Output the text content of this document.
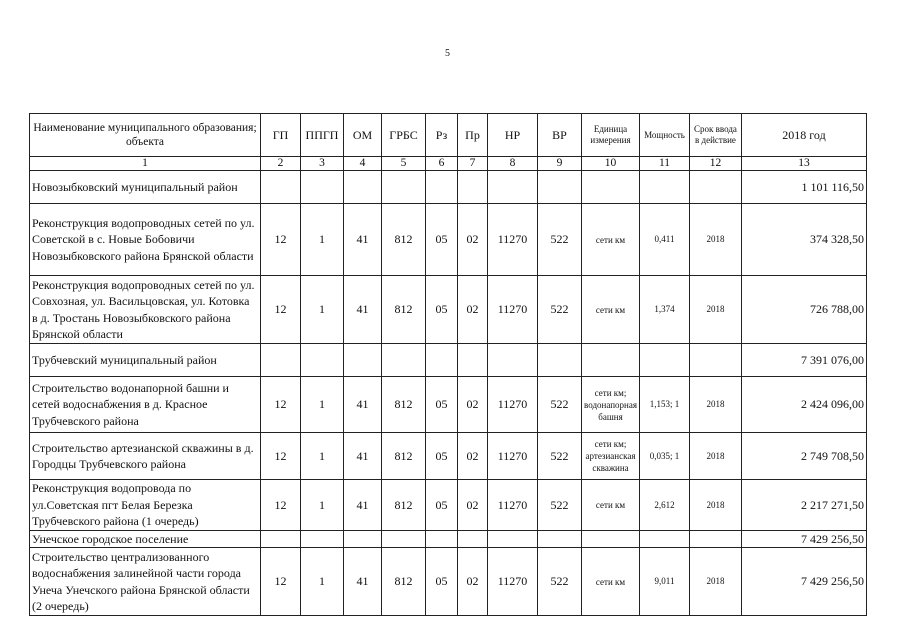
5
Наименование муниципального образования; объекта	ГП	ППГП	ОМ	ГРБС	Рз	Пр	НР	ВР	Единица измерения	Мощность	Срок ввода в действие	2018 год
1	2	3	4	5	6	7	8	9	10	11	12	13
Новозыбковский муниципальный район												1 101 116,50
Реконструкция водопроводных сетей по ул. Советской в с. Новые Бобовичи Новозыбковского района Брянской области	12	1	41	812	05	02	11270	522	сети км	0,411	2018	374 328,50
Реконструкция водопроводных сетей по ул. Совхозная, ул. Васильцовская, ул. Котовка в д. Тростань Новозыбковского района Брянской области	12	1	41	812	05	02	11270	522	сети км	1,374	2018	726 788,00
Трубчевский муниципальный район												7 391 076,00
Строительство водонапорной башни и сетей водоснабжения в д. Красное Трубчевского района	12	1	41	812	05	02	11270	522	сети км; водонапорная башня	1,153; 1	2018	2 424 096,00
Строительство артезианской скважины в д. Городцы Трубчевского района	12	1	41	812	05	02	11270	522	сети км; артезианская скважина	0,035; 1	2018	2 749 708,50
Реконструкция водопровода по ул.Советская пгт Белая Березка Трубчевского района (1 очередь)	12	1	41	812	05	02	11270	522	сети км	2,612	2018	2 217 271,50
Унечское городское поселение												7 429 256,50
Строительство централизованного водоснабжения залинейной части города Унеча Унечского района Брянской области (2 очередь)	12	1	41	812	05	02	11270	522	сети км	9,011	2018	7 429 256,50
